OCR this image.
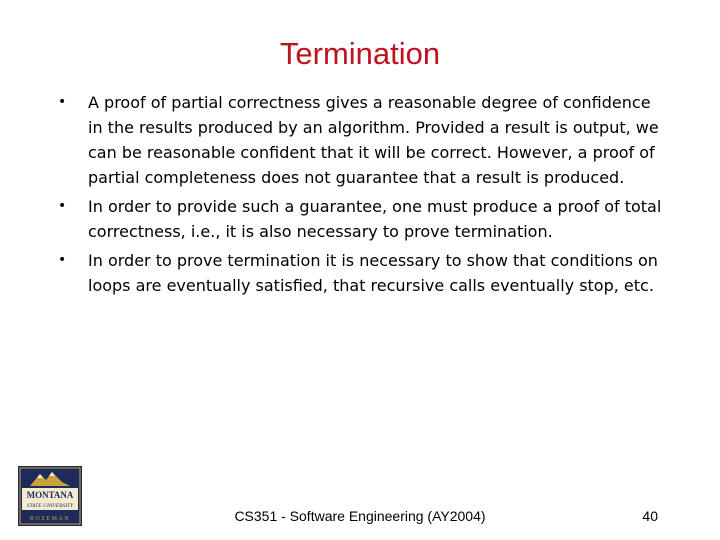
Termination
• A proof of partial correctness gives a reasonable degree of confidence in the results produced by an algorithm. Provided a result is output, we can be reasonable confident that it will be correct. However, a proof of partial completeness does not guarantee that a result is produced.
• In order to provide such a guarantee, one must produce a proof of total correctness, i.e., it is also necessary to prove termination.
• In order to prove termination it is necessary to show that conditions on loops are eventually satisfied, that recursive calls eventually stop, etc.
MONTANA
STATE UNIVERSITY
BOZEMAN	CS351 - Software Engineering (AY2004)	40
